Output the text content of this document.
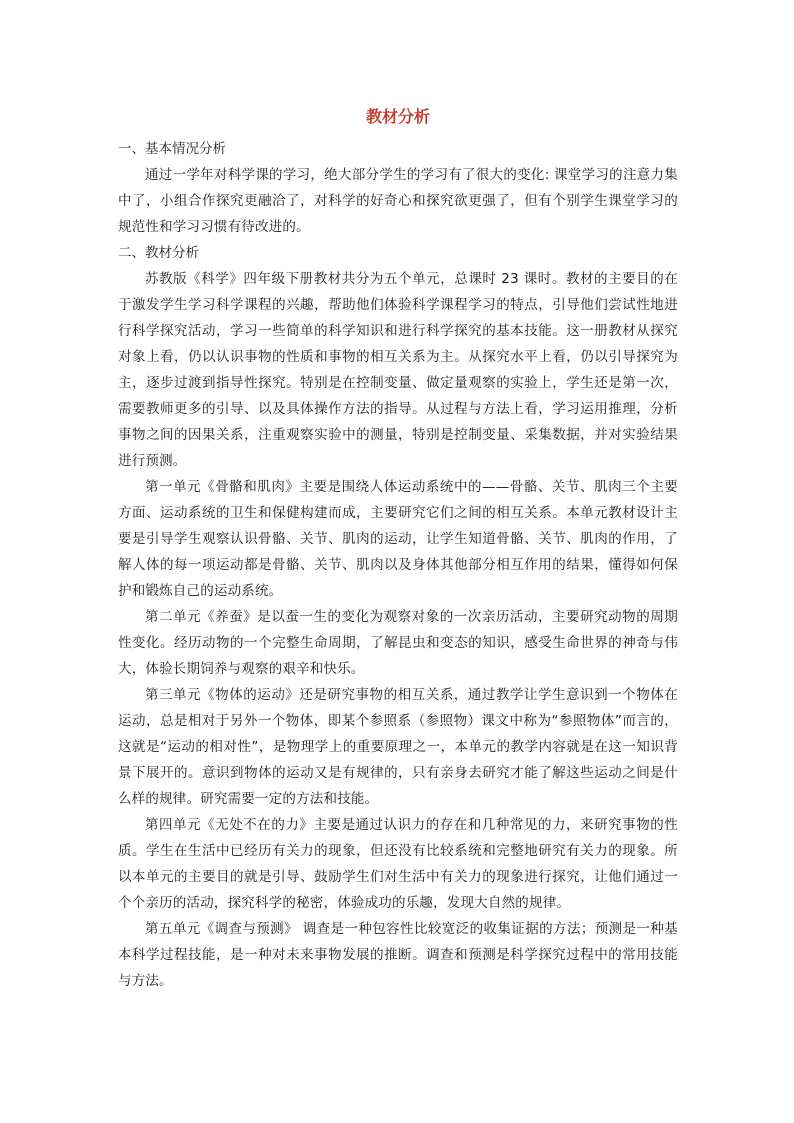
教材分析

一、基本情况分析

通过一学年对科学课的学习，绝大部分学生的学习有了很大的变化: 课堂学习的注意力集中了，小组合作探究更融洽了，对科学的好奇心和探究欲更强了，但有个别学生课堂学习的规范性和学习习惯有待改进的。

二、教材分析

苏教版《科学》四年级下册教材共分为五个单元，总课时 23 课时。教材的主要目的在于激发学生学习科学课程的兴趣，帮助他们体验科学课程学习的特点，引导他们尝试性地进行科学探究活动，学习一些简单的科学知识和进行科学探究的基本技能。这一册教材从探究对象上看，仍以认识事物的性质和事物的相互关系为主。从探究水平上看，仍以引导探究为主，逐步过渡到指导性探究。特别是在控制变量、做定量观察的实验上，学生还是第一次，需要教师更多的引导、以及具体操作方法的指导。从过程与方法上看，学习运用推理，分析事物之间的因果关系，注重观察实验中的测量，特别是控制变量、采集数据，并对实验结果进行预测。

第一单元《骨骼和肌肉》主要是围绕人体运动系统中的——骨骼、关节、肌肉三个主要方面、运动系统的卫生和保健构建而成，主要研究它们之间的相互关系。本单元教材设计主要是引导学生观察认识骨骼、关节、肌肉的运动，让学生知道骨骼、关节、肌肉的作用，了解人体的每一项运动都是骨骼、关节、肌肉以及身体其他部分相互作用的结果，懂得如何保护和锻炼自己的运动系统。

第二单元《养蚕》是以蚕一生的变化为观察对象的一次亲历活动，主要研究动物的周期性变化。经历动物的一个完整生命周期，了解昆虫和变态的知识，感受生命世界的神奇与伟大，体验长期饲养与观察的艰辛和快乐。

第三单元《物体的运动》还是研究事物的相互关系，通过教学让学生意识到一个物体在运动，总是相对于另外一个物体，即某个参照系（参照物）课文中称为“参照物体”而言的，这就是“运动的相对性”，是物理学上的重要原理之一，本单元的教学内容就是在这一知识背景下展开的。意识到物体的运动又是有规律的，只有亲身去研究才能了解这些运动之间是什么样的规律。研究需要一定的方法和技能。

第四单元《无处不在的力》主要是通过认识力的存在和几种常见的力，来研究事物的性质。学生在生活中已经历有关力的现象，但还没有比较系统和完整地研究有关力的现象。所以本单元的主要目的就是引导、鼓励学生们对生活中有关力的现象进行探究，让他们通过一个个亲历的活动，探究科学的秘密，体验成功的乐趣，发现大自然的规律。

第五单元《调查与预测》 调查是一种包容性比较宽泛的收集证据的方法；预测是一种基本科学过程技能，是一种对未来事物发展的推断。调查和预测是科学探究过程中的常用技能与方法。
